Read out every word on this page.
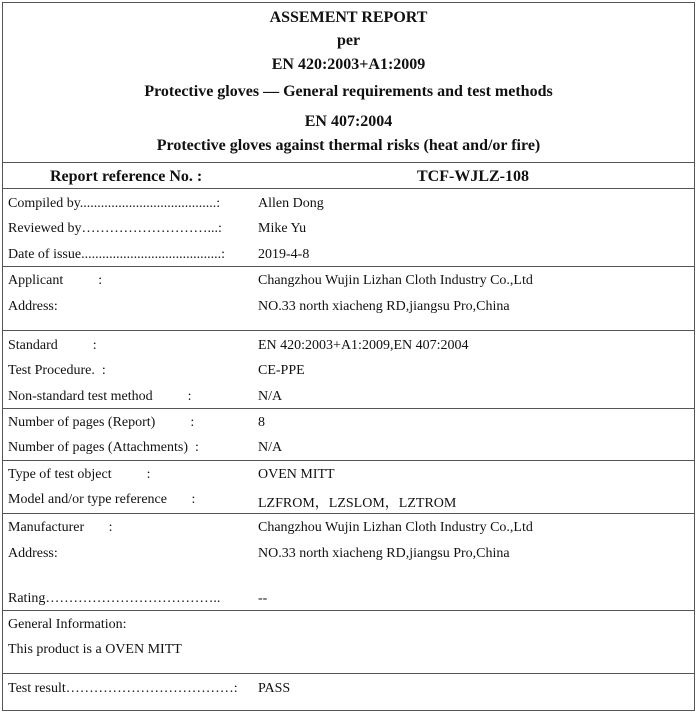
ASSEMENT REPORT
per
EN 420:2003+A1:2009
Protective gloves — General requirements and test methods
EN 407:2004
Protective gloves against thermal risks (heat and/or fire)
Report reference No. :	TCF-WJLZ-108
Compiled by.......................................:	Allen Dong
Reviewed by………………………...:	Mike Yu
Date of issue........................................: 2019-4-8
Applicant          :	Changzhou Wujin Lizhan Cloth Industry Co.,Ltd
Address:	NO.33 north xiacheng RD,jiangsu Pro,China
Standard          :	EN 420:2003+A1:2009,EN 407:2004
Test Procedure.  :	CE-PPE
Non-standard test method          :	N/A
Number of pages (Report)          :	8
Number of pages (Attachments)  :	N/A
Type of test object          :	OVEN MITT
Model and/or type reference       :	LZFROM，LZSLOM，LZTROM
Manufacturer       :	Changzhou Wujin Lizhan Cloth Industry Co.,Ltd
Address:	NO.33 north xiacheng RD,jiangsu Pro,China
Rating………………………………..	--
General Information:
This product is a OVEN MITT
Test result………………………………: PASS
